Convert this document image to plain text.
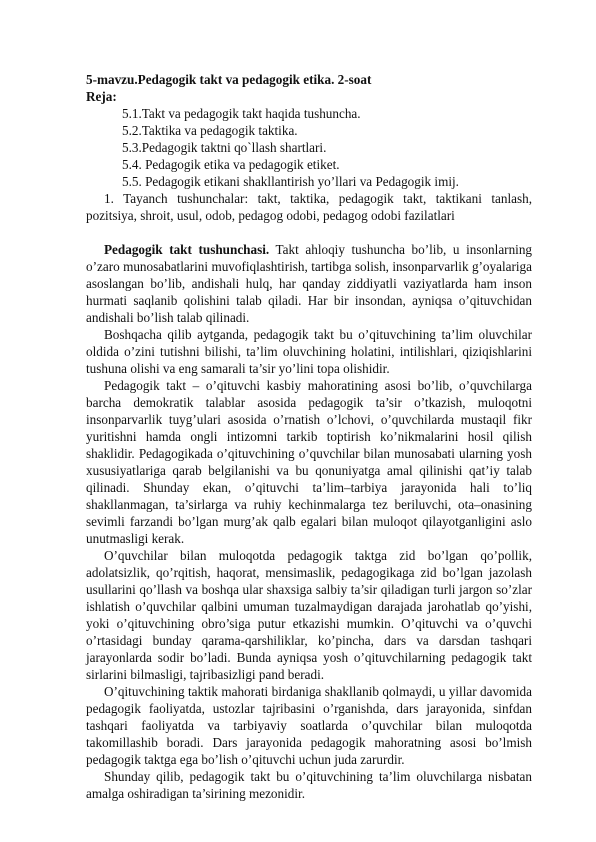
5-mavzu.Pedagogik takt va pedagogik etika. 2-soat

Reja:

5.1.Takt va pedagogik takt haqida tushuncha.
5.2.Taktika va pedagogik taktika.
5.3.Pedagogik taktni qo`llash shartlari.
5.4. Pedagogik etika va pedagogik etiket.
5.5. Pedagogik etikani shakllantirish yo’llari va Pedagogik imij.

1. Tayanch tushunchalar: takt, taktika, pedagogik takt, taktikani tanlash, pozitsiya, shroit, usul, odob, pedagog odobi, pedagog odobi fazilatlari

Pedagogik takt tushunchasi. Takt ahloqiy tushuncha bo’lib, u insonlarning o’zaro munosabatlarini muvofiqlashtirish, tartibga solish, insonparvarlik g’oyalariga asoslangan bo’lib, andishali hulq, har qanday ziddiyatli vaziyatlarda ham inson hurmati saqlanib qolishini talab qiladi. Har bir insondan, ayniqsa o’qituvchidan andishali bo’lish talab qilinadi.

Boshqacha qilib aytganda, pedagogik takt bu o’qituvchining ta’lim oluvchilar oldida o’zini tutishni bilishi, ta’lim oluvchining holatini, intilishlari, qiziqishlarini tushuna olishi va eng samarali ta’sir yo’lini topa olishidir.

Pedagogik takt – o’qituvchi kasbiy mahoratining asosi bo’lib, o’quvchilarga barcha demokratik talablar asosida pedagogik ta’sir o’tkazish, muloqotni insonparvarlik tuyg’ulari asosida o’rnatish o’lchovi, o’quvchilarda mustaqil fikr yuritishni hamda ongli intizomni tarkib toptirish ko’nikmalarini hosil qilish shaklidir. Pedagogikada o’qituvchining o’quvchilar bilan munosabati ularning yosh xususiyatlariga qarab belgilanishi va bu qonuniyatga amal qilinishi qat’iy talab qilinadi. Shunday ekan, o’qituvchi ta’lim–tarbiya jarayonida hali to’liq shakllanmagan, ta’sirlarga va ruhiy kechinmalarga tez beriluvchi, ota–onasining sevimli farzandi bo’lgan murg’ak qalb egalari bilan muloqot qilayotganligini aslo unutmasligi kerak.

O’quvchilar bilan muloqotda pedagogik taktga zid bo’lgan qo’pollik, adolatsizlik, qo’rqitish, haqorat, mensimaslik, pedagogikaga zid bo’lgan jazolash usullarini qo’llash va boshqa ular shaxsiga salbiy ta’sir qiladigan turli jargon so’zlar ishlatish o’quvchilar qalbini umuman tuzalmaydigan darajada jarohatlab qo’yishi, yoki o’qituvchining obro’siga putur etkazishi mumkin. O’qituvchi va o’quvchi o’rtasidagi bunday qarama-qarshiliklar, ko’pincha, dars va darsdan tashqari jarayonlarda sodir bo’ladi. Bunda ayniqsa yosh o’qituvchilarning pedagogik takt sirlarini bilmasligi, tajribasizligi pand beradi.

O’qituvchining taktik mahorati birdaniga shakllanib qolmaydi, u yillar davomida pedagogik faoliyatda, ustozlar tajribasini o’rganishda, dars jarayonida, sinfdan tashqari faoliyatda va tarbiyaviy soatlarda o’quvchilar bilan muloqotda takomillashib boradi. Dars jarayonida pedagogik mahoratning asosi bo’lmish pedagogik taktga ega bo’lish o’qituvchi uchun juda zarurdir.

Shunday qilib, pedagogik takt bu o’qituvchining ta’lim oluvchilarga nisbatan amalga oshiradigan ta’sirining mezonidir.
